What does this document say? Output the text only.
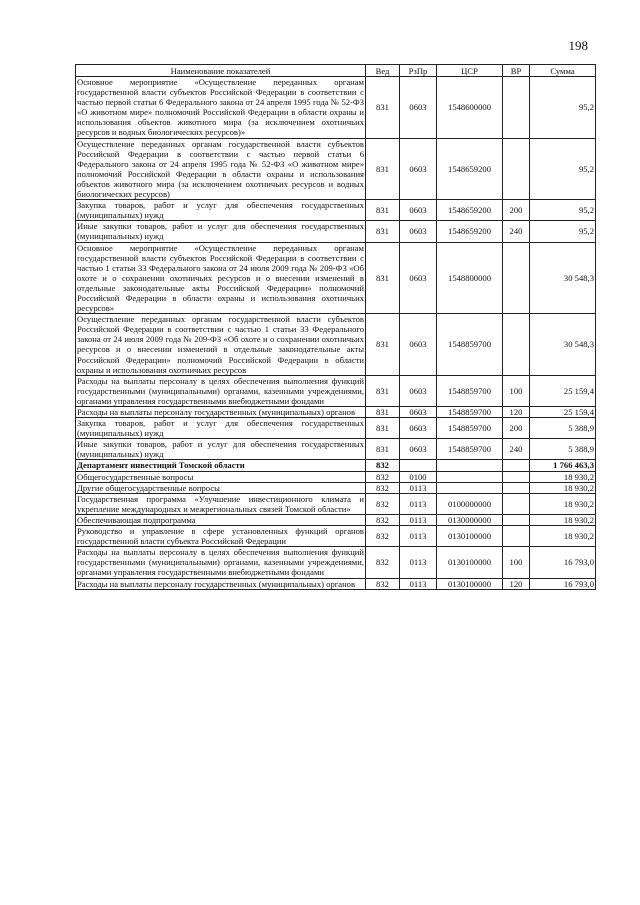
198
Наименование показателей	Вед	РзПр	ЦСР	ВР	Сумма
Основное мероприятие «Осуществление переданных органам государственной власти субъектов Российской Федерации в соответствии с частью первой статьи 6 Федерального закона от 24 апреля 1995 года № 52-ФЗ «О животном мире» полномочий Российской Федерации в области охраны и использования объектов животного мира (за исключением охотничьих ресурсов и водных биологических ресурсов)»	831	0603	1548600000		95,2
Осуществление переданных органам государственной власти субъектов Российской Федерации в соответствии с частью первой статьи 6 Федерального закона от 24 апреля 1995 года № 52-ФЗ «О животном мире» полномочий Российской Федерации в области охраны и использования объектов животного мира (за исключением охотничьих ресурсов и водных биологических ресурсов)	831	0603	1548659200		95,2
Закупка товаров, работ и услуг для обеспечения государственных (муниципальных) нужд	831	0603	1548659200	200	95,2
Иные закупки товаров, работ и услуг для обеспечения государственных (муниципальных) нужд	831	0603	1548659200	240	95,2
Основное мероприятие «Осуществление переданных органам государственной власти субъектов Российской Федерации в соответствии с частью 1 статьи 33 Федерального закона от 24 июля 2009 года № 209-ФЗ «Об охоте и о сохранении охотничьих ресурсов и о внесении изменений в отдельные законодательные акты Российской Федерации» полномочий Российской Федерации в области охраны и использования охотничьих ресурсов»	831	0603	1548800000		30 548,3
Осуществление переданных органам государственной власти субъектов Российской Федерации в соответствии с частью 1 статьи 33 Федерального закона от 24 июля 2009 года № 209-ФЗ «Об охоте и о сохранении охотничьих ресурсов и о внесении изменений в отдельные законодательные акты Российской Федерации» полномочий Российской Федерации в области охраны и использования охотничьих ресурсов	831	0603	1548859700		30 548,3
Расходы на выплаты персоналу в целях обеспечения выполнения функций государственными (муниципальными) органами, казенными учреждениями, органами управления государственными внебюджетными фондами	831	0603	1548859700	100	25 159,4
Расходы на выплаты персоналу государственных (муниципальных) органов	831	0603	1548859700	120	25 159,4
Закупка товаров, работ и услуг для обеспечения государственных (муниципальных) нужд	831	0603	1548859700	200	5 388,9
Иные закупки товаров, работ и услуг для обеспечения государственных (муниципальных) нужд	831	0603	1548859700	240	5 388,9
Департамент инвестиций Томской области	832				1 766 463,3
Общегосударственные вопросы	832	0100			18 930,2
Другие общегосударственные вопросы	832	0113			18 930,2
Государственная программа «Улучшение инвестиционного климата и укрепление международных и межрегиональных связей Томской области»	832	0113	0100000000		18 930,2
Обеспечивающая подпрограмма	832	0113	0130000000		18 930,2
Руководство и управление в сфере установленных функций органов государственной власти субъекта Российской Федерации	832	0113	0130100000		18 930,2
Расходы на выплаты персоналу в целях обеспечения выполнения функций государственными (муниципальными) органами, казенными учреждениями, органами управления государственными внебюджетными фондами	832	0113	0130100000	100	16 793,0
Расходы на выплаты персоналу государственных (муниципальных) органов	832	0113	0130100000	120	16 793,0
